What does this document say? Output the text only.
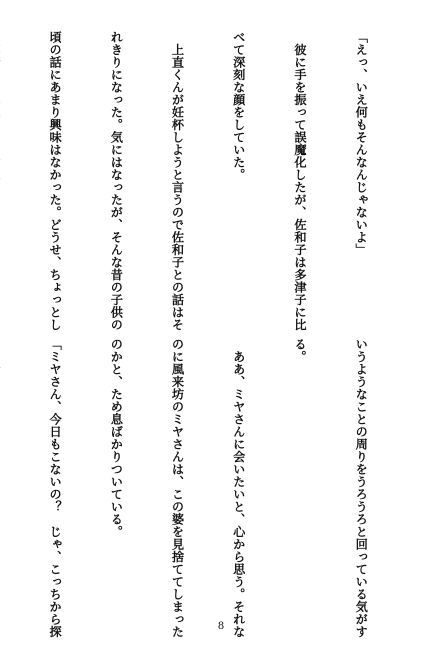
「えっ、いえ何もそんなんじゃないよ」

　彼に手を振って誤魔化したが、佐和子は多津子に比

べて深刻な顔をしていた。

　上直くんが妊杯しようと言うので佐和子との話はそ

れきりになった。気にはなったが、そんな昔の子供の

頃の話にあまり興味はなかった。どうせ、ちょっとし

いうようなことの周りをうろうろと回っている気がす

る。

　ああ、ミヤさんに会いたいと、心から思う。それな

のに風来坊のミヤさんは、この婆を見捨ててしまった

のかと、ため息ばかりついている。

「ミヤさん、今日もこないの？　じゃ、こっちから探

	8
